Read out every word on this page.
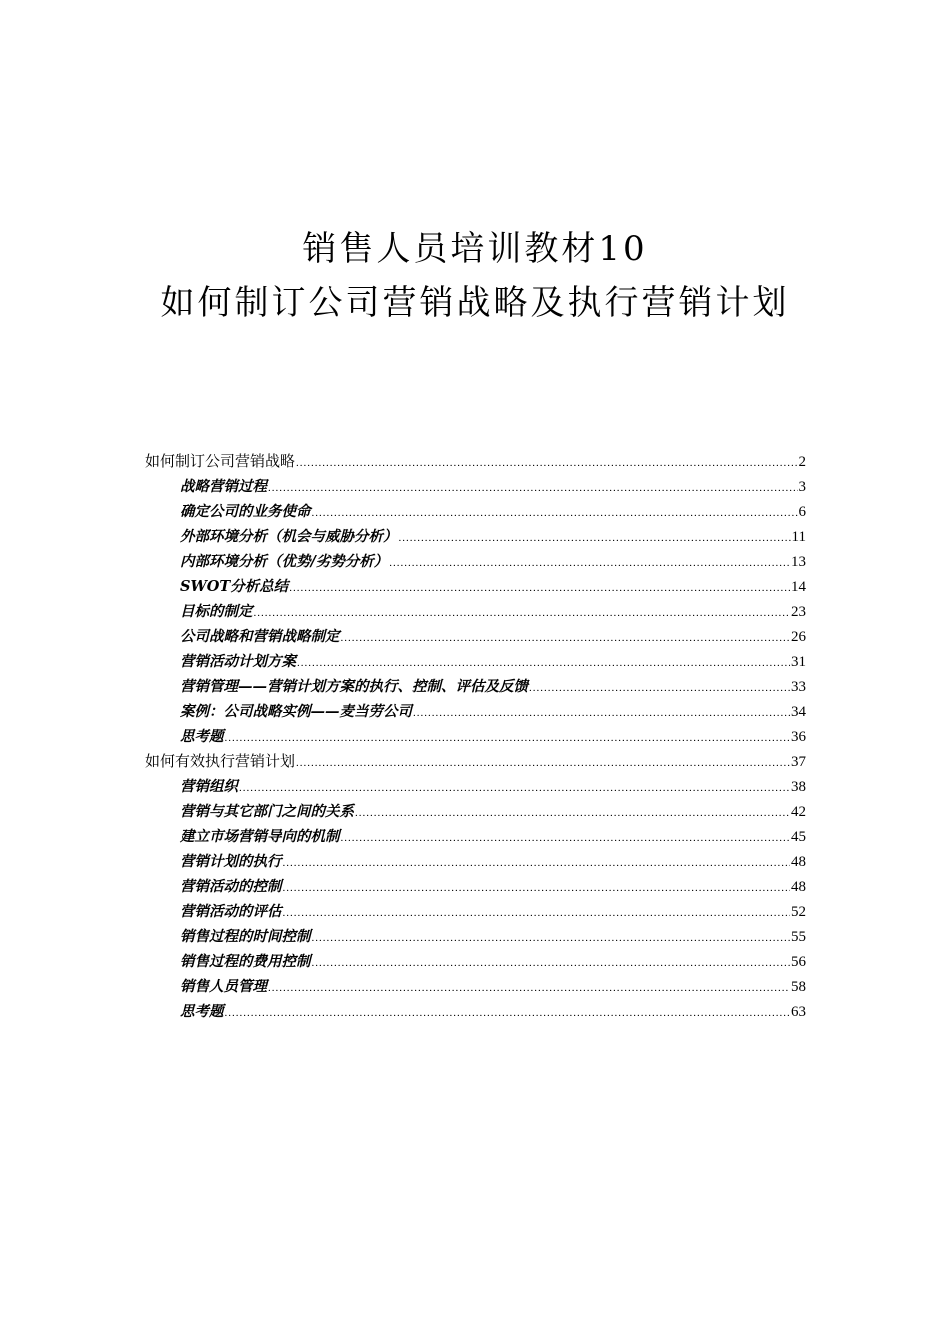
销售人员培训教材10
如何制订公司营销战略及执行营销计划
如何制订公司营销战略 .....	2
战略营销过程 .....	3
确定公司的业务使命 .....	6
外部环境分析（机会与威胁分析） .....	11
内部环境分析（优势/劣势分析） .....	13
SWOT分析总结 .....	14
目标的制定 .....	23
公司战略和营销战略制定 .....	26
营销活动计划方案 .....	31
营销管理——营销计划方案的执行、控制、评估及反馈 .....	33
案例：公司战略实例——麦当劳公司 .....	34
思考题 .....	36
如何有效执行营销计划 .....	37
营销组织 .....	38
营销与其它部门之间的关系 .....	42
建立市场营销导向的机制 .....	45
营销计划的执行 .....	48
营销活动的控制 .....	48
营销活动的评估 .....	52
销售过程的时间控制 .....	55
销售过程的费用控制 .....	56
销售人员管理 .....	58
思考题 .....	63
